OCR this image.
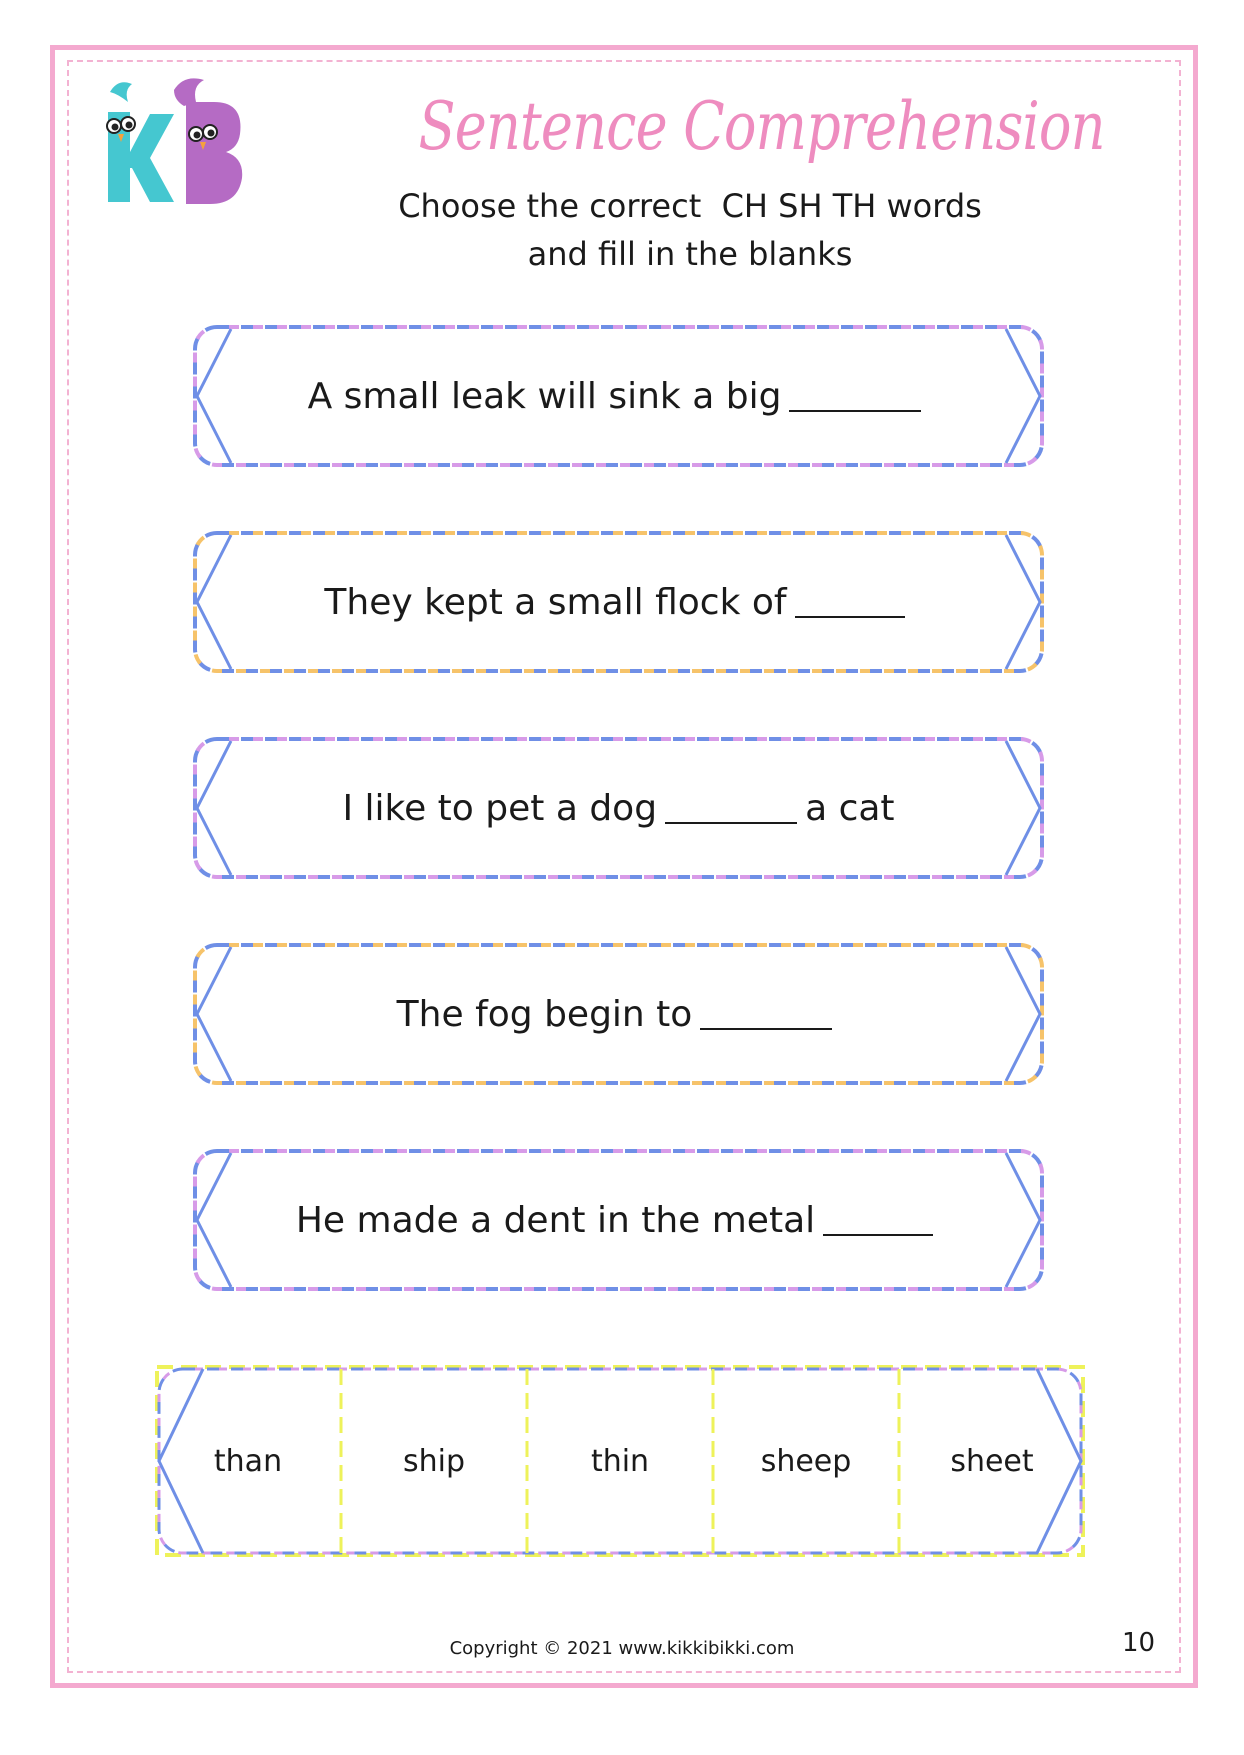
Sentence Comprehension
Choose the correct  CH SH TH words
and fill in the blanks
A small leak will sink a big
They kept a small flock of
I like to pet a dog	a cat
The fog begin to
He made a dent in the metal
than	ship	thin	sheep	sheet
Copyright © 2021 www.kikkibikki.com	10
